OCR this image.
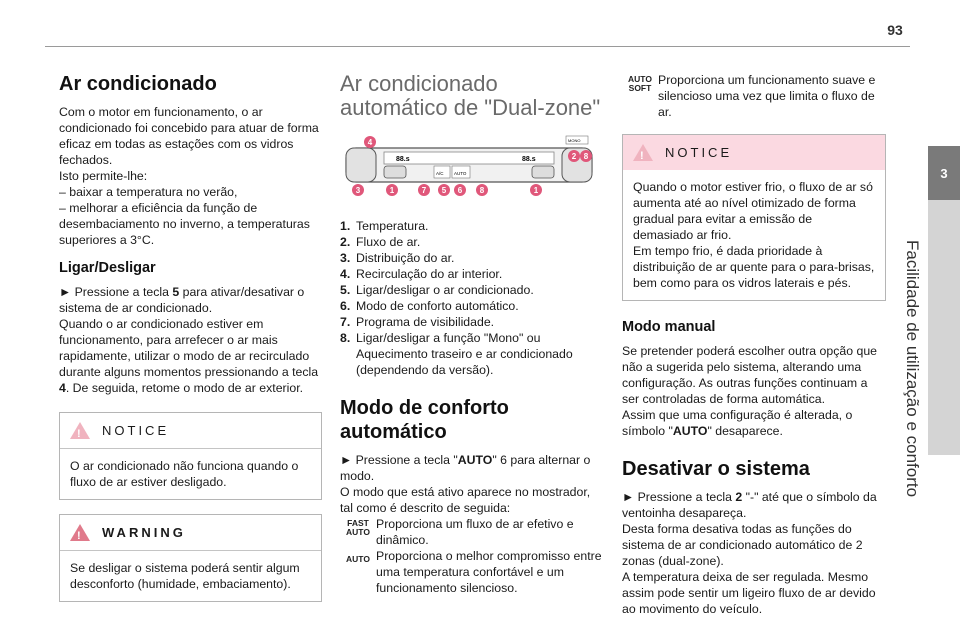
93
3
Facilidade de utilização e conforto
Ar condicionado

Com o motor em funcionamento, o ar condicionado foi concebido para atuar de forma eficaz em todas as estações com os vidros fechados.

Isto permite-lhe:

– baixar a temperatura no verão,

– melhorar a eficiência da função de desembaciamento no inverno, a temperaturas superiores a 3°C.

Ligar/Desligar

► Pressione a tecla 5 para ativar/desativar o sistema de ar condicionado.

Quando o ar condicionado estiver em funcionamento, para arrefecer o ar mais rapidamente, utilizar o modo de ar recirculado durante alguns momentos pressionando a tecla 4. De seguida, retome o modo de ar exterior.

! NOTICE
O ar condicionado não funciona quando o fluxo de ar estiver desligado.
! WARNING
Se desligar o sistema poderá sentir algum desconforto (humidade, embaciamento).
Ar condicionado automático de "Dual-zone"
88.s	88.s
A/C AUTO
MONO
4
2 8
3	1	7 5 6 8	1
1. Temperatura.
2. Fluxo de ar.
3. Distribuição do ar.
4. Recirculação do ar interior.
5. Ligar/desligar o ar condicionado.
6. Modo de conforto automático.
7. Programa de visibilidade.
8. Ligar/desligar a função "Mono" ou Aquecimento traseiro e ar condicionado (dependendo da versão).
Modo de conforto automático

► Pressione a tecla "AUTO" 6 para alternar o modo.

O modo que está ativo aparece no mostrador, tal como é descrito de seguida:

FAST
AUTO

Proporciona um fluxo de ar efetivo e dinâmico.

AUTO Proporciona o melhor compromisso entre uma temperatura confortável e um funcionamento silencioso.

AUTO
SOFT

Proporciona um funcionamento suave e silencioso uma vez que limita o fluxo de ar.

! NOTICE
Quando o motor estiver frio, o fluxo de ar só aumenta até ao nível otimizado de forma gradual para evitar a emissão de demasiado ar frio.
Em tempo frio, é dada prioridade à distribuição de ar quente para o para-brisas, bem como para os vidros laterais e pés.
Modo manual

Se pretender poderá escolher outra opção que não a sugerida pelo sistema, alterando uma configuração. As outras funções continuam a ser controladas de forma automática.

Assim que uma configuração é alterada, o símbolo "AUTO" desaparece.

Desativar o sistema

► Pressione a tecla 2 "-" até que o símbolo da ventoinha desapareça.

Desta forma desativa todas as funções do sistema de ar condicionado automático de 2 zonas (dual-zone).

A temperatura deixa de ser regulada. Mesmo assim pode sentir um ligeiro fluxo de ar devido ao movimento do veículo.
